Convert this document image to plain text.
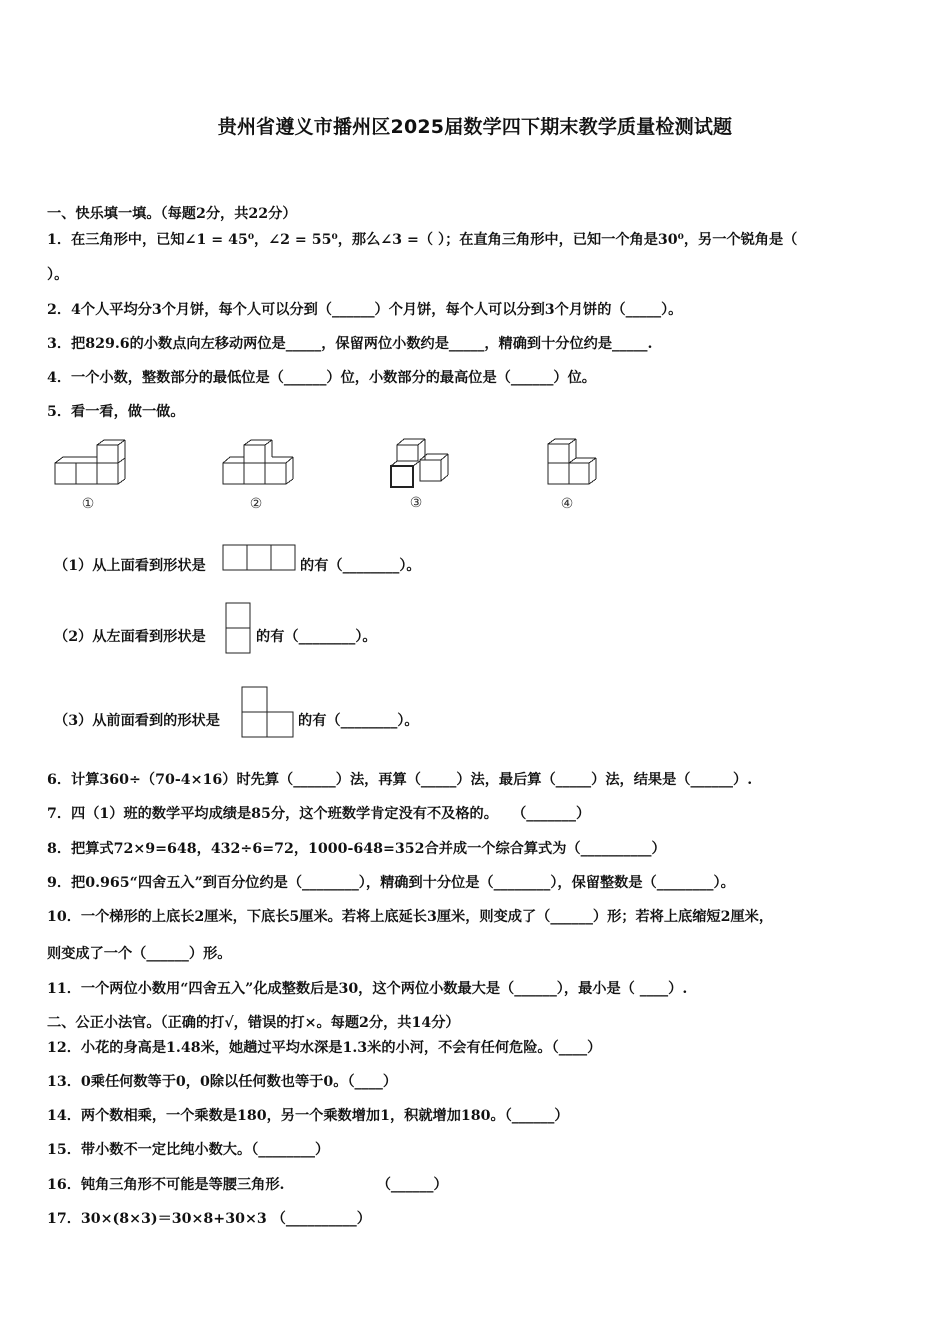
贵州省遵义市播州区2025届数学四下期末教学质量检测试题
一、快乐填一填。（每题2分，共22分）
1．在三角形中，已知∠1 = 45⁰，∠2 = 55⁰，那么∠3 =（ ）；在直角三角形中，已知一个角是30⁰，另一个锐角是（
）。
2．4个人平均分3个月饼，每个人可以分到（______）个月饼，每个人可以分到3个月饼的（_____）。
3．把829.6的小数点向左移动两位是_____，保留两位小数约是_____，精确到十分位约是_____.
4．一个小数，整数部分的最低位是（______）位，小数部分的最高位是（______）位。
5．看一看，做一做。
①	②	③	④
（1）从上面看到形状是	的有（________）。
（2）从左面看到形状是	的有（________）。
（3）从前面看到的形状是	的有（________）。
6．计算360÷（70-4×16）时先算（______）法，再算（_____）法，最后算（_____）法，结果是（______）.
7．四（1）班的数学平均成绩是85分，这个班数学肯定没有不及格的。　　（_______）
8．把算式72×9=648，432÷6=72，1000-648=352合并成一个综合算式为（__________）
9．把0.965“四舍五入”到百分位约是（________），精确到十分位是（________），保留整数是（________）。
10．一个梯形的上底长2厘米，下底长5厘米。若将上底延长3厘米，则变成了（______）形；若将上底缩短2厘米，
则变成了一个（______）形。
11．一个两位小数用“四舍五入”化成整数后是30，这个两位小数最大是（______），最小是（ ____）.
二、公正小法官。（正确的打√，错误的打×。每题2分，共14分）
12．小花的身高是1.48米，她趟过平均水深是1.3米的小河，不会有任何危险。（____）
13．0乘任何数等于0，0除以任何数也等于0。（____）
14．两个数相乘，一个乘数是180，另一个乘数增加1，积就增加180。（______）
15．带小数不一定比纯小数大。（________）
16．钝角三角形不可能是等腰三角形.　　　　　　　（______）
17．30×(8×3)＝30×8+30×3 （__________）
